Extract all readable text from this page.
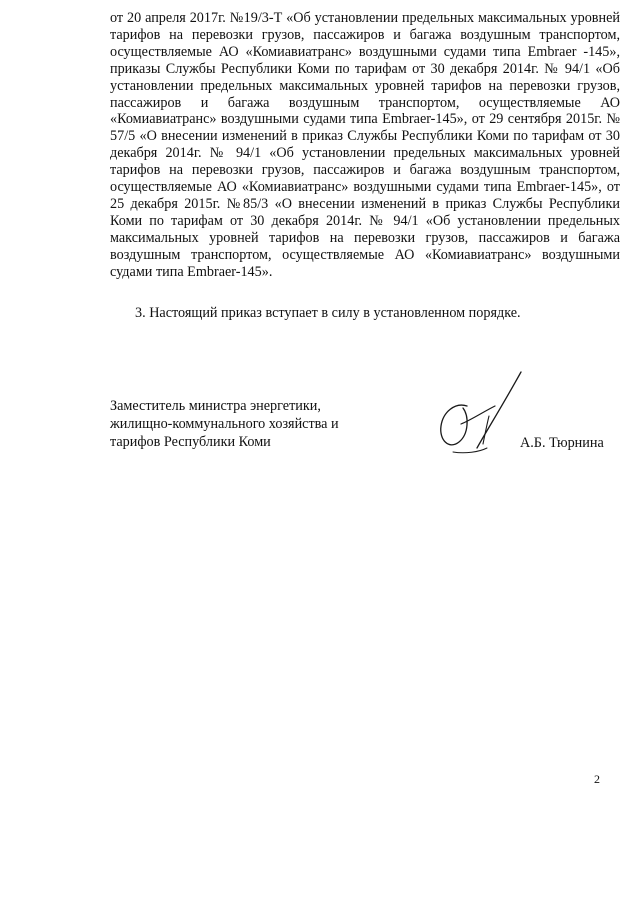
от 20 апреля 2017г. №19/3-Т «Об установлении предельных максимальных уровней тарифов на перевозки грузов, пассажиров и багажа воздушным транспортом, осуществляемые АО «Комиавиатранс» воздушными судами типа Embraer -145», приказы Службы Республики Коми по тарифам от 30 декабря 2014г. № 94/1 «Об установлении предельных максимальных уровней тарифов на перевозки грузов, пассажиров и багажа воздушным транспортом, осуществляемые АО «Комиавиатранс» воздушными судами типа Embraer-145», от 29 сентября 2015г. № 57/5 «О внесении изменений в приказ Службы Республики Коми по тарифам от 30 декабря 2014г. № 94/1 «Об установлении предельных максимальных уровней тарифов на перевозки грузов, пассажиров и багажа воздушным транспортом, осуществляемые АО «Комиавиатранс» воздушными судами типа Embraer-145», от 25 декабря 2015г. №85/3 «О внесении изменений в приказ Службы Республики Коми по тарифам от 30 декабря 2014г. № 94/1 «Об установлении предельных максимальных уровней тарифов на перевозки грузов, пассажиров и багажа воздушным транспортом, осуществляемые АО «Комиавиатранс» воздушными судами типа Embraer-145».

3. Настоящий приказ вступает в силу в установленном порядке.

Заместитель министра энергетики,
жилищно-коммунального хозяйства и
тарифов Республики Коми	А.Б. Тюрнина

2
